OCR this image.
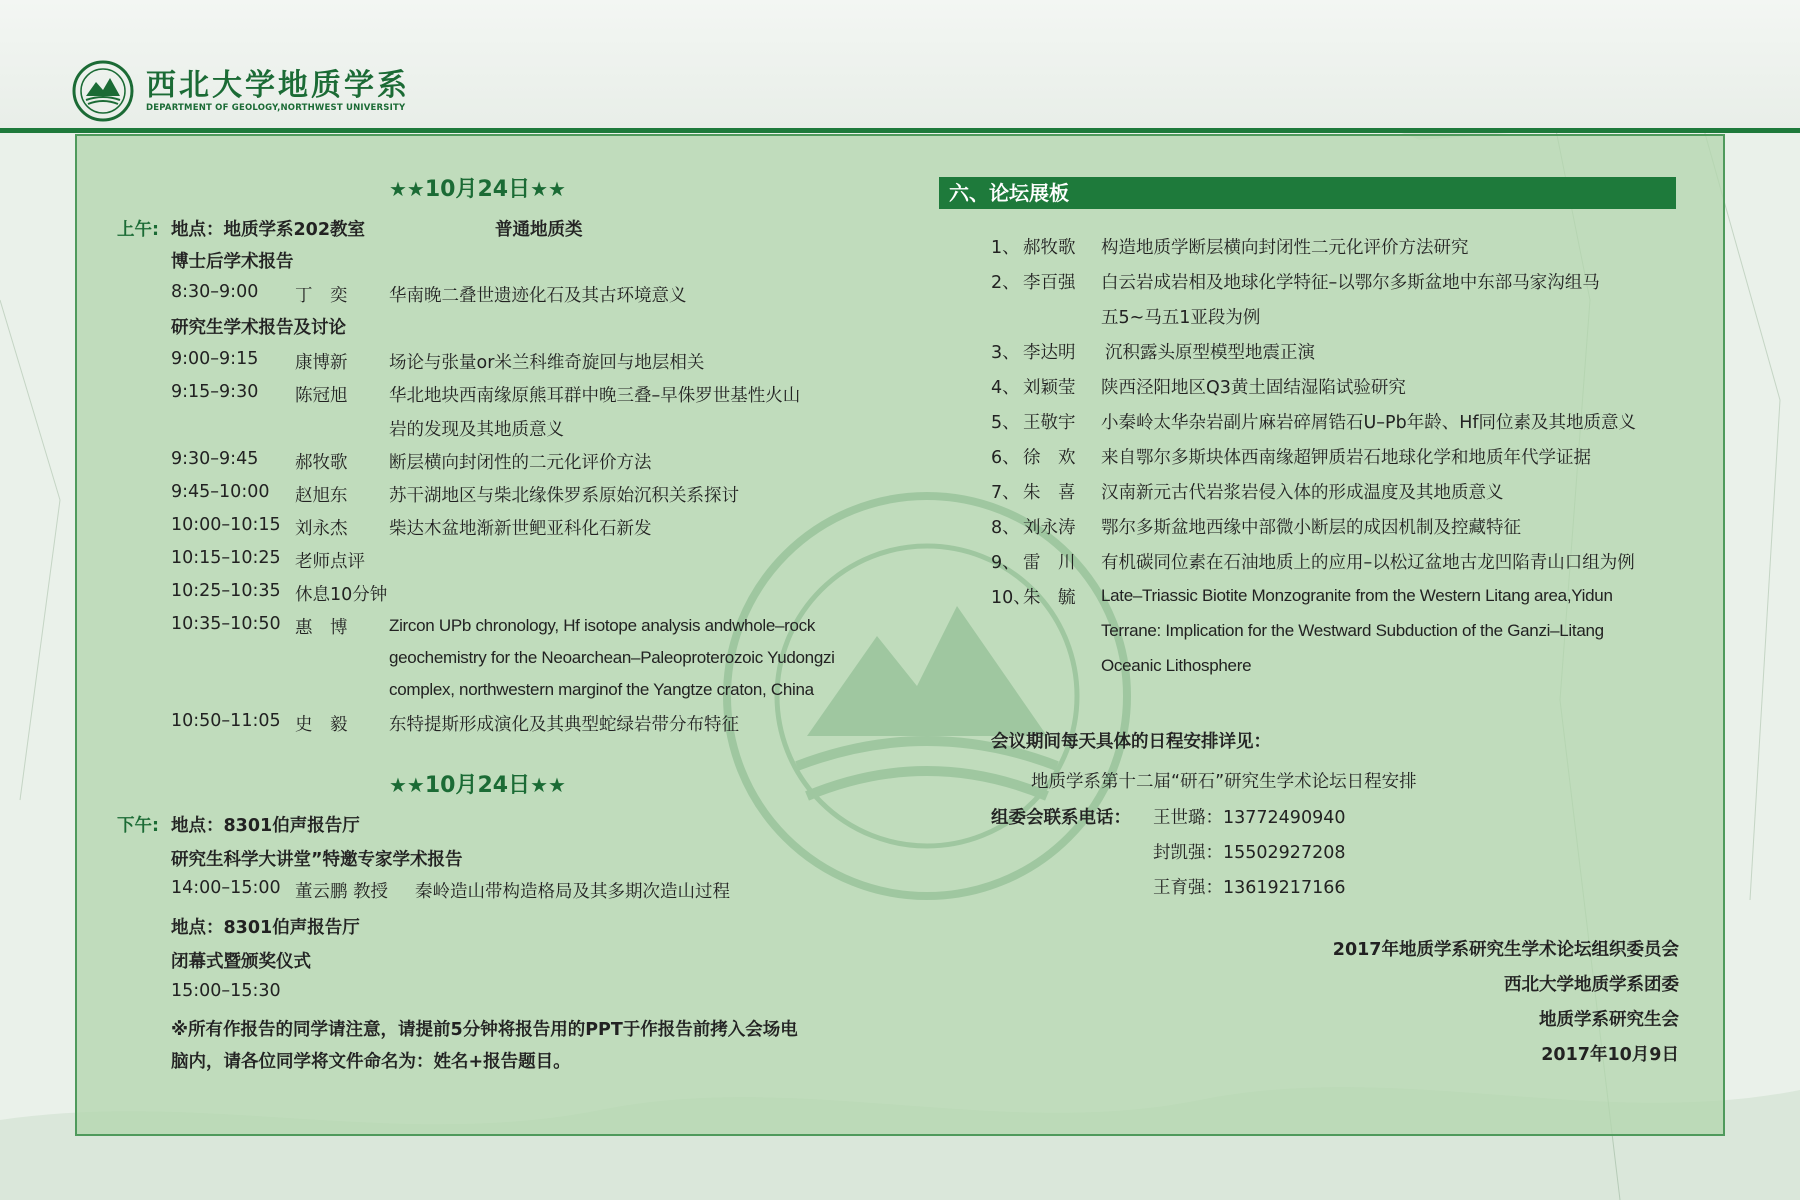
西北大学地质学系
DEPARTMENT OF GEOLOGY,NORTHWEST UNIVERSITY
1939
★★10月24日★★
上午: 地点：地质学系202教室	普通地质类
博士后学术报告
8:30–9:00 丁　奕 华南晚二叠世遗迹化石及其古环境意义
研究生学术报告及讨论
9:00–9:15 康博新 场论与张量or米兰科维奇旋回与地层相关
9:15–9:30 陈冠旭 华北地块西南缘原熊耳群中晚三叠–早侏罗世基性火山
岩的发现及其地质意义
9:30–9:45 郝牧歌 断层横向封闭性的二元化评价方法
9:45–10:00 赵旭东 苏干湖地区与柴北缘侏罗系原始沉积关系探讨
10:00–10:15 刘永杰 柴达木盆地渐新世鲃亚科化石新发
10:15–10:25 老师点评
10:25–10:35 休息10分钟
10:35–10:50 惠　博 Zircon UPb chronology, Hf isotope analysis andwhole–rock
geochemistry for the Neoarchean–Paleoproterozoic Yudongzi
complex, northwestern marginof the Yangtze craton, China
10:50–11:05 史　毅 东特提斯形成演化及其典型蛇绿岩带分布特征
★★10月24日★★
下午: 地点：8301伯声报告厅
研究生科学大讲堂”特邀专家学术报告
14:00–15:00 董云鹏 教授 秦岭造山带构造格局及其多期次造山过程
地点：8301伯声报告厅
闭幕式暨颁奖仪式
15:00–15:30
※所有作报告的同学请注意，请提前5分钟将报告用的PPT于作报告前拷入会场电
脑内，请各位同学将文件命名为：姓名+报告题目。
六、论坛展板
1、 郝牧歌 构造地质学断层横向封闭性二元化评价方法研究
2、 李百强 白云岩成岩相及地球化学特征–以鄂尔多斯盆地中东部马家沟组马
五5~马五1亚段为例
3、 李达明 沉积露头原型模型地震正演
4、 刘颖莹 陕西泾阳地区Q3黄土固结湿陷试验研究
5、 王敬宇 小秦岭太华杂岩副片麻岩碎屑锆石U–Pb年龄、Hf同位素及其地质意义
6、 徐　欢 来自鄂尔多斯块体西南缘超钾质岩石地球化学和地质年代学证据
7、 朱　喜 汉南新元古代岩浆岩侵入体的形成温度及其地质意义
8、 刘永涛 鄂尔多斯盆地西缘中部微小断层的成因机制及控藏特征
9、 雷　川 有机碳同位素在石油地质上的应用–以松辽盆地古龙凹陷青山口组为例
10、
朱　毓 Late–Triassic Biotite Monzogranite from the Western Litang area,Yidun
Terrane: Implication for the Westward Subduction of the Ganzi–Litang
Oceanic Lithosphere
会议期间每天具体的日程安排详见：
地质学系第十二届“研石”研究生学术论坛日程安排
组委会联系电话： 王世璐：13772490940
封凯强：15502927208
王育强：13619217166
2017年地质学系研究生学术论坛组织委员会
西北大学地质学系团委
地质学系研究生会
2017年10月9日
